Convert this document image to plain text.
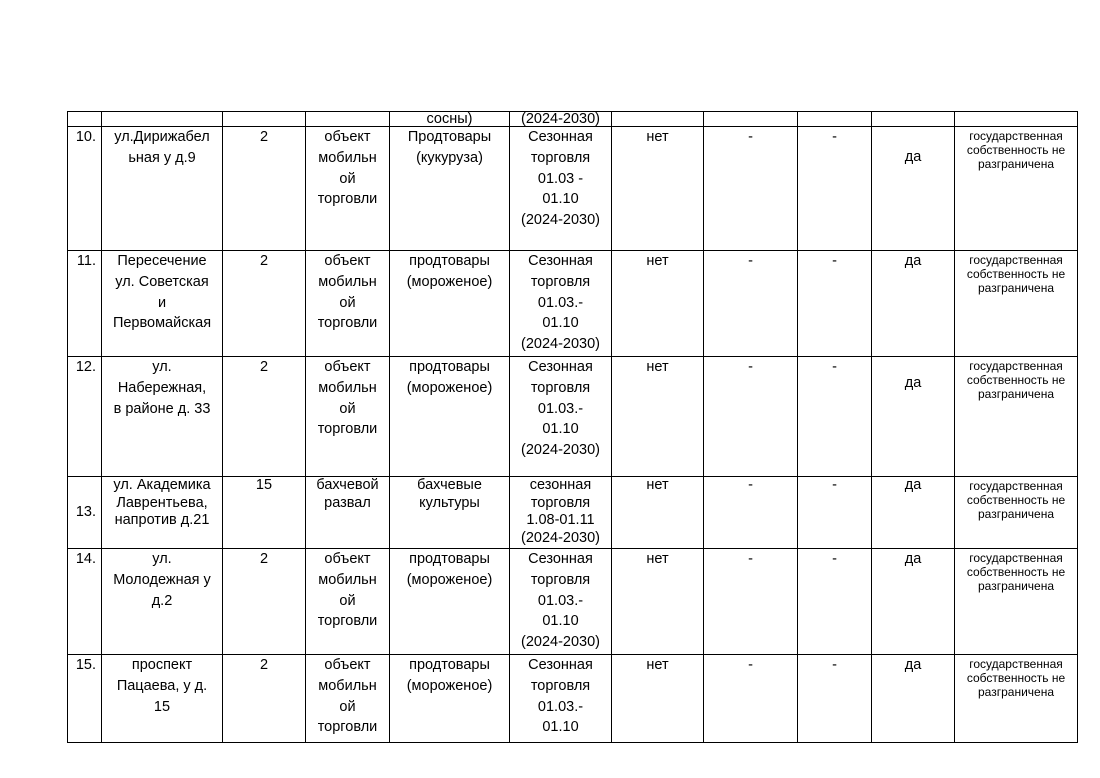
				сосны)	(2024-2030)					
10.	ул.Дирижабел
ьная у д.9	2	объект
мобильн
ой
торговли	Продтовары
(кукуруза)	Сезонная
торговля
01.03 -
01.10
(2024-2030)	нет	-	-	да	государственная
собственность не
разграничена
11.	Пересечение
ул. Советская
и
Первомайская	2	объект
мобильн
ой
торговли	продтовары
(мороженое)	Сезонная
торговля
01.03.-
01.10
(2024-2030)	нет	-	-	да	государственная
собственность не
разграничена
12.	ул.
Набережная,
в районе д. 33	2	объект
мобильн
ой
торговли	продтовары
(мороженое)	Сезонная
торговля
01.03.-
01.10
(2024-2030)	нет	-	-	да	государственная
собственность не
разграничена
13.	ул. Академика
Лаврентьева,
напротив д.21	15	бахчевой
развал	бахчевые
культуры	сезонная
торговля
1.08-01.11
(2024-2030)	нет	-	-	да	государственная
собственность не
разграничена
14.	ул.
Молодежная у
д.2	2	объект
мобильн
ой
торговли	продтовары
(мороженое)	Сезонная
торговля
01.03.-
01.10
(2024-2030)	нет	-	-	да	государственная
собственность не
разграничена
15.	проспект
Пацаева, у д.
15	2	объект
мобильн
ой
торговли	продтовары
(мороженое)	Сезонная
торговля
01.03.-
01.10	нет	-	-	да	государственная
собственность не
разграничена
